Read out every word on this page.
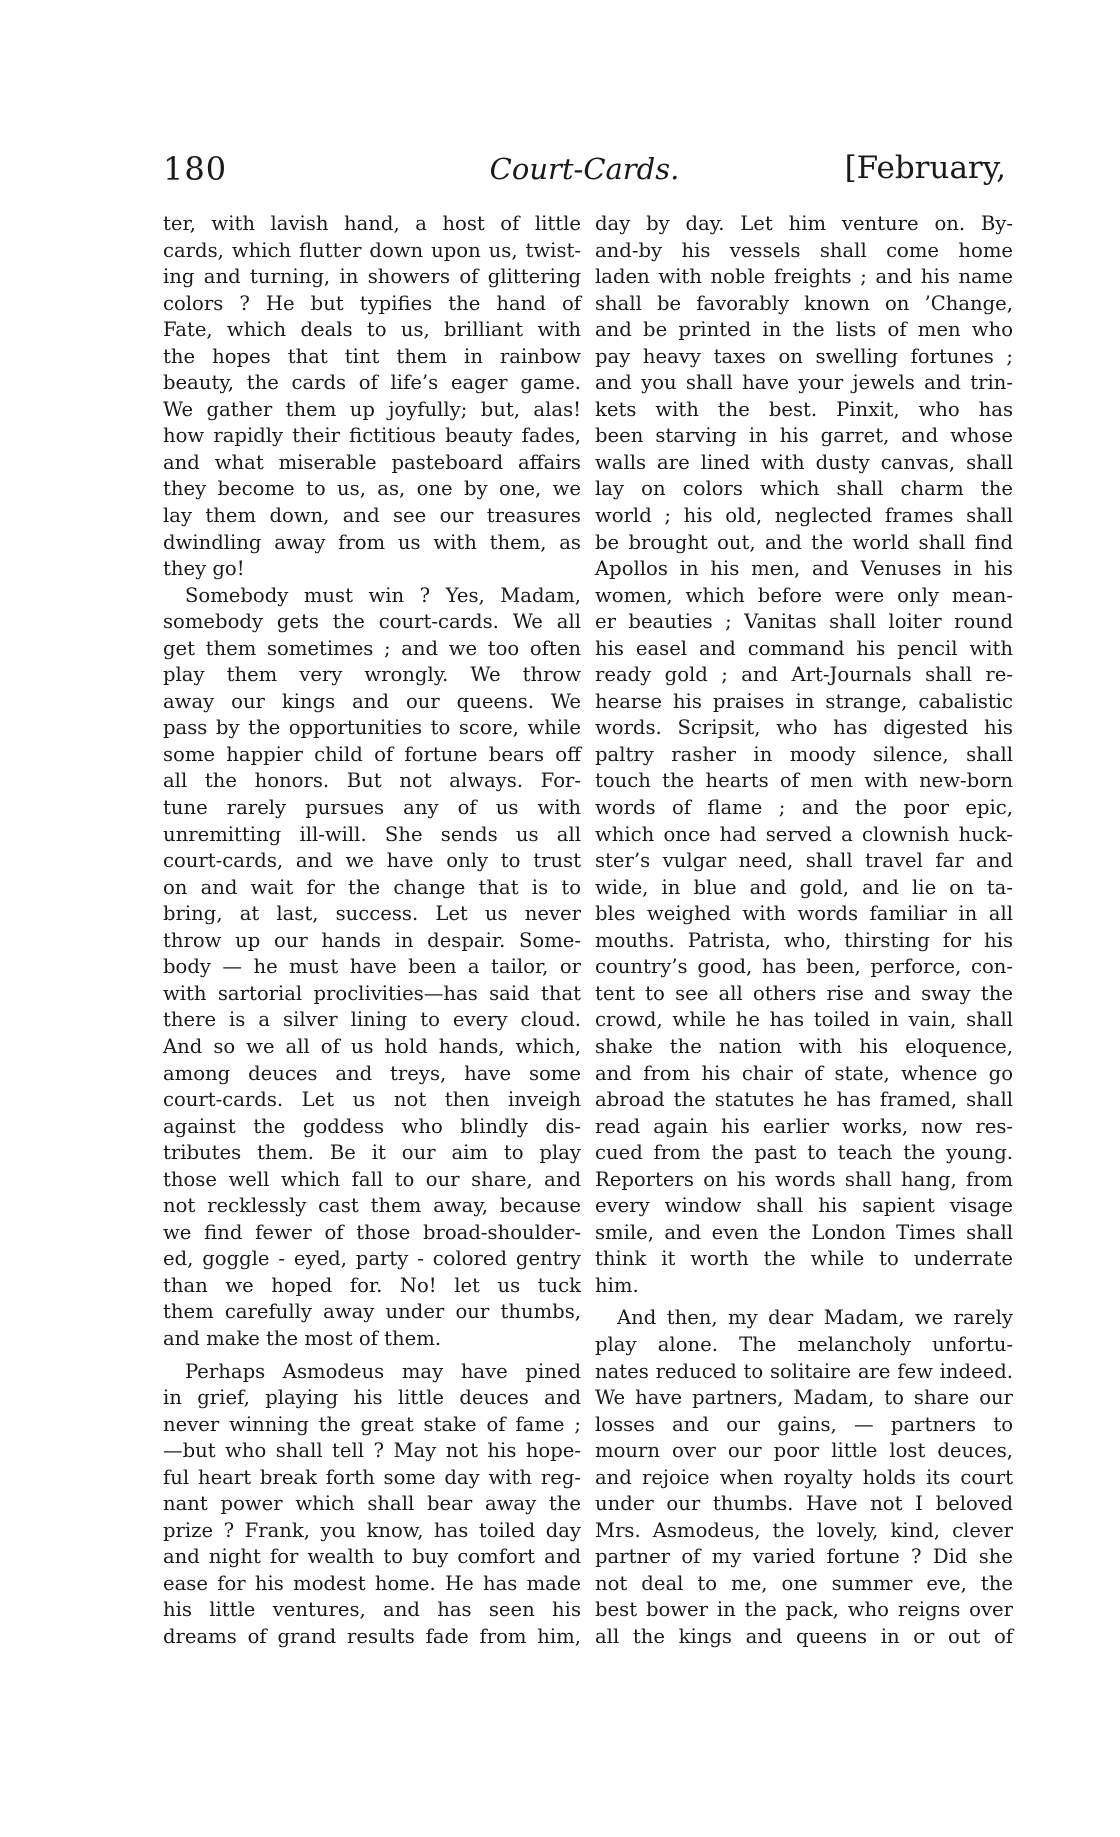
180	Court-Cards.	[February,
ter, with lavish hand, a host of little
cards, which flutter down upon us, twist-
ing and turning, in showers of glittering
colors ? He but typifies the hand of
Fate, which deals to us, brilliant with
the hopes that tint them in rainbow
beauty, the cards of life’s eager game.
We gather them up joyfully; but, alas!
how rapidly their fictitious beauty fades,
and what miserable pasteboard affairs
they become to us, as, one by one, we
lay them down, and see our treasures
dwindling away from us with them, as
they go!
Somebody must win ? Yes, Madam,
somebody gets the court-cards. We all
get them sometimes ; and we too often
play them very wrongly. We throw
away our kings and our queens. We
pass by the opportunities to score, while
some happier child of fortune bears off
all the honors. But not always. For-
tune rarely pursues any of us with
unremitting ill-will. She sends us all
court-cards, and we have only to trust
on and wait for the change that is to
bring, at last, success. Let us never
throw up our hands in despair. Some-
body — he must have been a tailor, or
with sartorial proclivities—has said that
there is a silver lining to every cloud.
And so we all of us hold hands, which,
among deuces and treys, have some
court-cards. Let us not then inveigh
against the goddess who blindly dis-
tributes them. Be it our aim to play
those well which fall to our share, and
not recklessly cast them away, because
we find fewer of those broad-shoulder-
ed, goggle - eyed, party - colored gentry
than we hoped for. No! let us tuck
them carefully away under our thumbs,
and make the most of them.
Perhaps Asmodeus may have pined
in grief, playing his little deuces and
never winning the great stake of fame ;
—but who shall tell ? May not his hope-
ful heart break forth some day with reg-
nant power which shall bear away the
prize ? Frank, you know, has toiled day
and night for wealth to buy comfort and
ease for his modest home. He has made
his little ventures, and has seen his
dreams of grand results fade from him,
day by day. Let him venture on. By-
and-by his vessels shall come home
laden with noble freights ; and his name
shall be favorably known on ’Change,
and be printed in the lists of men who
pay heavy taxes on swelling fortunes ;
and you shall have your jewels and trin-
kets with the best. Pinxit, who has
been starving in his garret, and whose
walls are lined with dusty canvas, shall
lay on colors which shall charm the
world ; his old, neglected frames shall
be brought out, and the world shall find
Apollos in his men, and Venuses in his
women, which before were only mean-
er beauties ; Vanitas shall loiter round
his easel and command his pencil with
ready gold ; and Art-Journals shall re-
hearse his praises in strange, cabalistic
words. Scripsit, who has digested his
paltry rasher in moody silence, shall
touch the hearts of men with new-born
words of flame ; and the poor epic,
which once had served a clownish huck-
ster’s vulgar need, shall travel far and
wide, in blue and gold, and lie on ta-
bles weighed with words familiar in all
mouths. Patrista, who, thirsting for his
country’s good, has been, perforce, con-
tent to see all others rise and sway the
crowd, while he has toiled in vain, shall
shake the nation with his eloquence,
and from his chair of state, whence go
abroad the statutes he has framed, shall
read again his earlier works, now res-
cued from the past to teach the young.
Reporters on his words shall hang, from
every window shall his sapient visage
smile, and even the London Times shall
think it worth the while to underrate
him.
And then, my dear Madam, we rarely
play alone. The melancholy unfortu-
nates reduced to solitaire are few indeed.
We have partners, Madam, to share our
losses and our gains, — partners to
mourn over our poor little lost deuces,
and rejoice when royalty holds its court
under our thumbs. Have not I beloved
Mrs. Asmodeus, the lovely, kind, clever
partner of my varied fortune ? Did she
not deal to me, one summer eve, the
best bower in the pack, who reigns over
all the kings and queens in or out of
